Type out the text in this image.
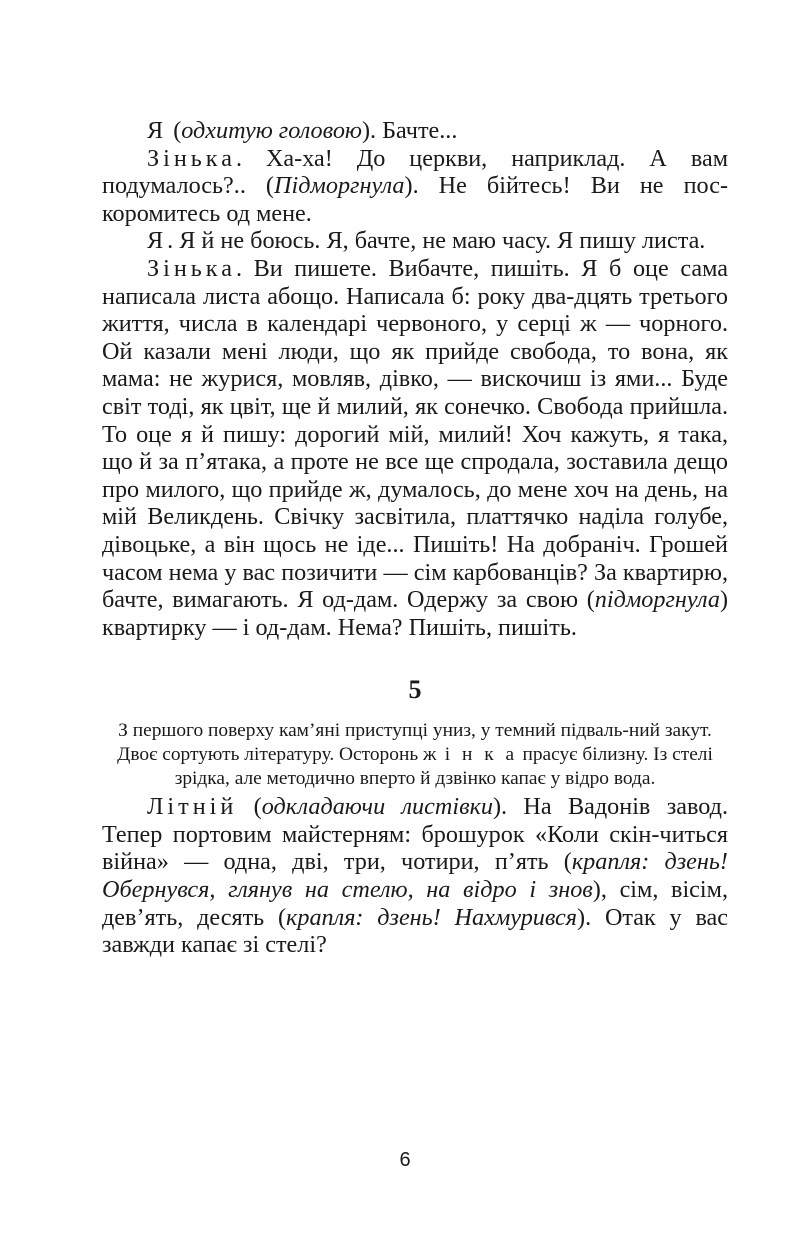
Я (одхитую головою). Бачте...

Зінька. Ха-ха! До церкви, наприклад. А вам подумалось?.. (Підморгнула). Не бійтесь! Ви не поскоромитесь од мене.

Я. Я й не боюсь. Я, бачте, не маю часу. Я пишу листа.

Зінька. Ви пишете. Вибачте, пишіть. Я б оце сама написала листа абощо. Написала б: року два-дцять третього життя, числа в календарі червоного, у серці ж — чорного. Ой казали мені люди, що як прийде свобода, то вона, як мама: не журися, мовляв, дівко, — вискочиш із ями... Буде світ тоді, як цвіт, ще й милий, як сонечко. Свобода прийшла. То оце я й пишу: дорогий мій, милий! Хоч кажуть, я така, що й за п’ятака, а проте не все ще спродала, зоставила дещо про милого, що прийде ж, думалось, до мене хоч на день, на мій Великдень. Свічку засвітила, платтячко наділа голубе, дівоцьке, а він щось не іде... Пишіть! На добраніч. Грошей часом нема у вас позичити — сім карбованців? За квартирю, бачте, вимагають. Я од-дам. Одержу за свою (підморгнула) квартирку — і од-дам. Нема? Пишіть, пишіть.

5

З першого поверху кам’яні приступці униз, у темний підваль-ний закут. Двоє сортують літературу. Осторонь ж і н к а прасує білизну. Із стелі зрідка, але методично вперто й дзвінко капає у відро вода.

Літній (одкладаючи листівки). На Вадонів завод. Тепер портовим майстерням: брошурок «Коли скін-читься війна» — одна, дві, три, чотири, п’ять (крапля: дзень! Обернувся, глянув на стелю, на відро і знов), сім, вісім, дев’ять, десять (крапля: дзень! Нахмурився). Отак у вас завжди капає зі стелі?

6
